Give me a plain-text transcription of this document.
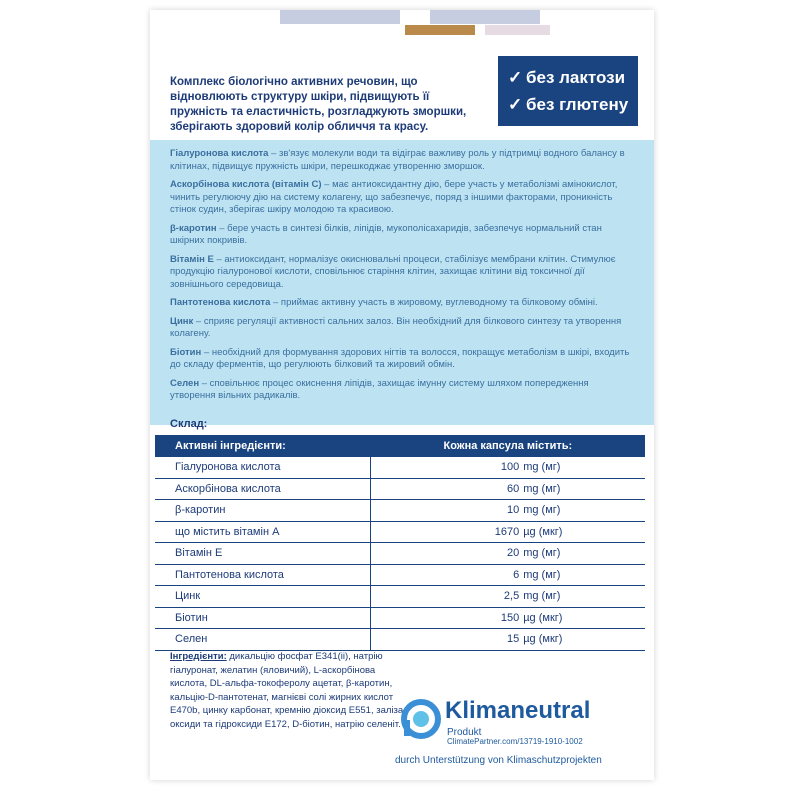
Комплекс біологічно активних речовин, що відновлюють структуру шкіри, підвищують її пружність та еластичність, розгладжують зморшки, зберігають здоровий колір обличчя та красу.

✓ без лактози
✓ без глютену

Гіалуронова кислота – зв'язує молекули води та відіграє важливу роль у підтримці водного балансу в клітинах, підвищує пружність шкіри, перешкоджає утворенню зморшок.

Аскорбінова кислота (вітамін С) – має антиоксидантну дію, бере участь у метаболізмі амінокислот, чинить регулюючу дію на систему колагену, що забезпечує, поряд з іншими факторами, проникність стінок судин, зберігає шкіру молодою та красивою.

β-каротин – бере участь в синтезі білків, ліпідів, мукополісахаридів, забезпечує нормальний стан шкірних покривів.

Вітамін Е – антиоксидант, нормалізує окиснювальні процеси, стабілізує мембрани клітин. Стимулює продукцію гіалуронової кислоти, сповільнює старіння клітин, захищає клітини від токсичної дії зовнішнього середовища.

Пантотенова кислота – приймає активну участь в жировому, вуглеводному та білковому обміні.

Цинк – сприяє регуляції активності сальних залоз. Він необхідний для білкового синтезу та утворення колагену.

Біотин – необхідний для формування здорових нігтів та волосся, покращує метаболізм в шкірі, входить до складу ферментів, що регулюють білковий та жировий обмін.

Селен – сповільнює процес окиснення ліпідів, захищає імунну систему шляхом попередження утворення вільних радикалів.

Склад:
Активні інгредієнти:	Кожна капсула містить:
Гіалуронова кислота	100 mg (мг)
Аскорбінова кислота	60 mg (мг)
β-каротин	10 mg (мг)
що містить вітамін А	1670 µg (мкг)
Вітамін Е	20 mg (мг)
Пантотенова кислота	6 mg (мг)
Цинк	2,5 mg (мг)
Біотин	150 µg (мкг)
Селен	15 µg (мкг)

Інгредієнти: дикальцію фосфат Е341(ii), натрію гіалуронат, желатин (яловичий), L-аскорбінова кислота, DL-альфа-токоферолу ацетат, β-каротин, кальцію-D-пантотенат, магнієві солі жирних кислот Е470b, цинку карбонат, кремнію діоксид Е551, заліза оксиди та гідроксиди Е172, D-біотин, натрію селеніт.	Klimaneutral
Produkt
ClimatePartner.com/13719-1910-1002
durch Unterstützung von Klimaschutzprojekten
